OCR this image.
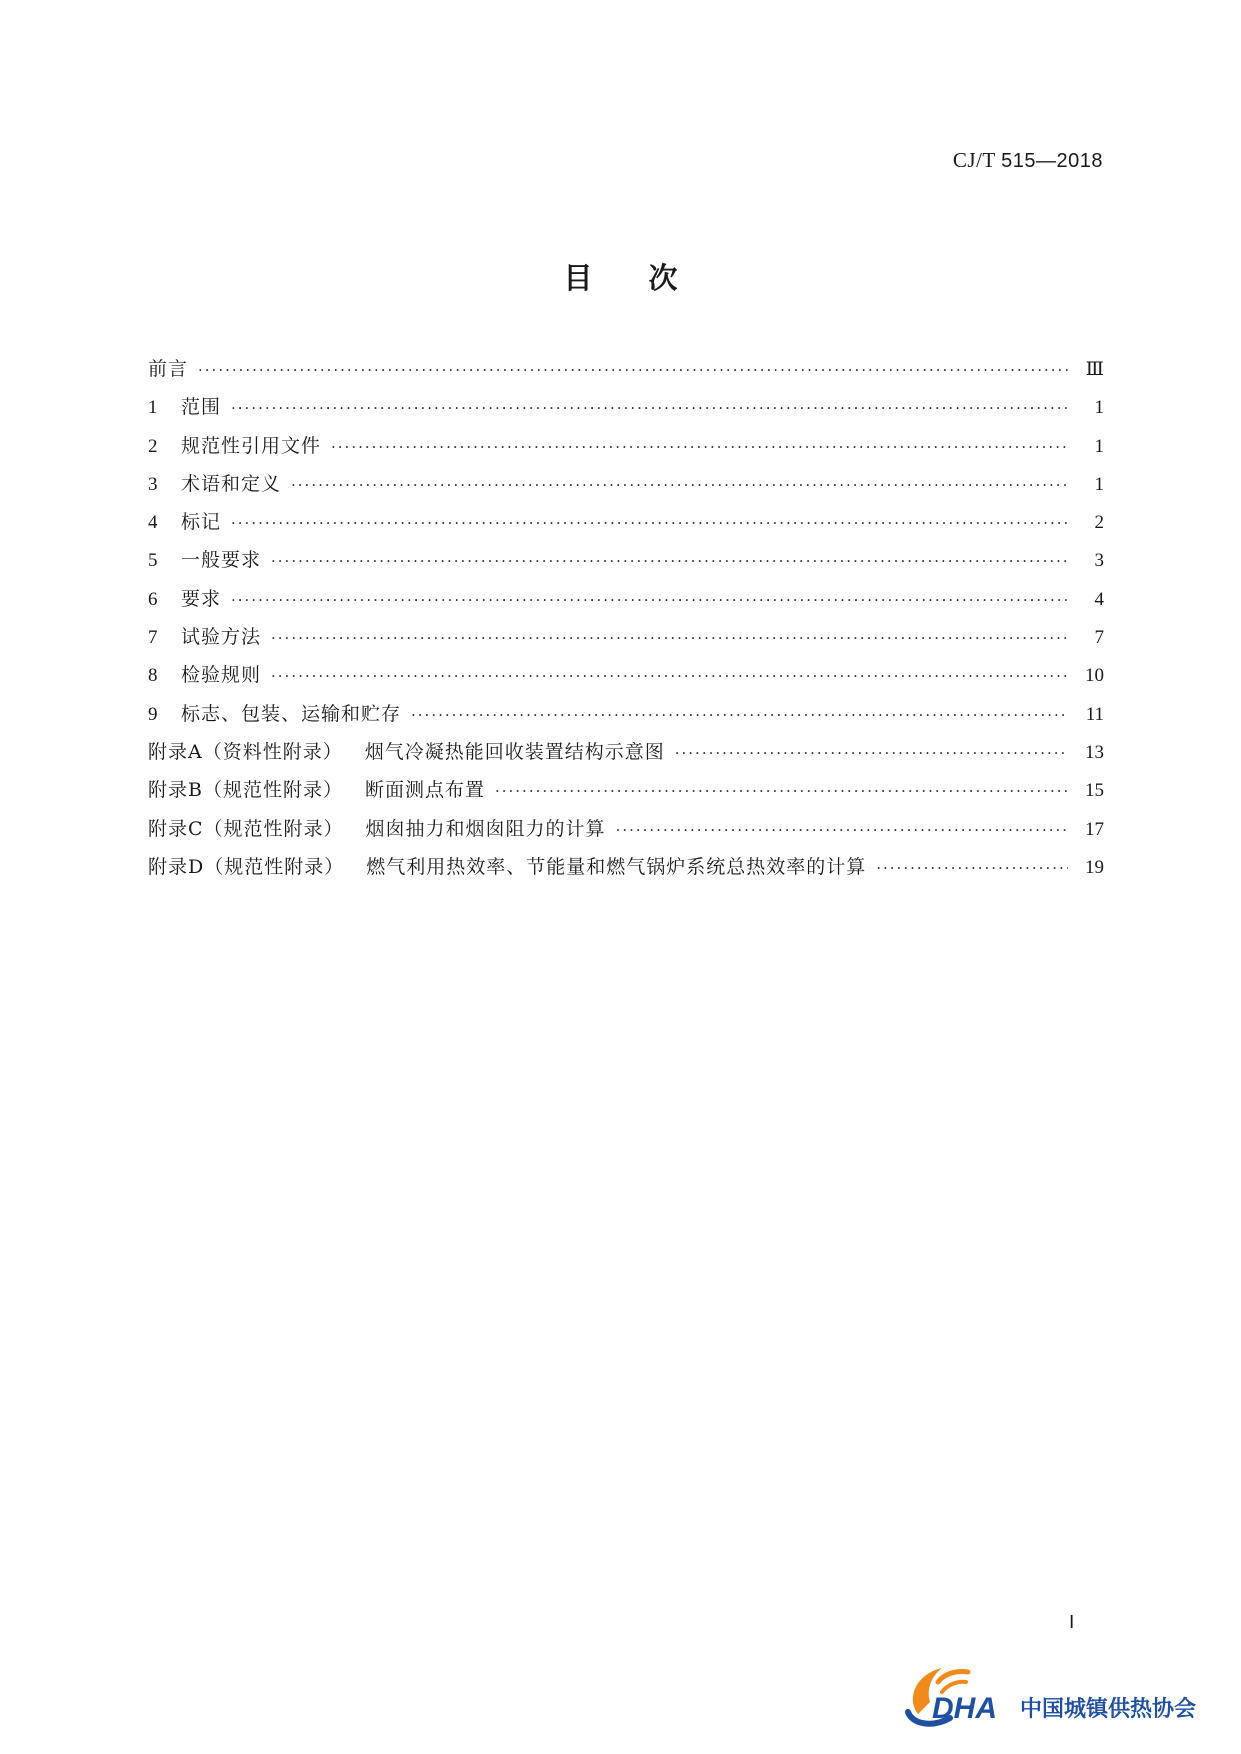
CJ/T 515—2018
目次
前言 ·····	Ⅲ
1	范围 ·····	1
2	规范性引用文件 ·····	1
3	术语和定义 ·····	1
4	标记 ·····	2
5	一般要求 ·····	3
6	要求 ·····	4
7	试验方法 ·····	7
8	检验规则 ·····	10
9	标志、包装、运输和贮存 ·····	11
附录A（资料性附录） 烟气冷凝热能回收装置结构示意图 ·····	13
附录B（规范性附录） 断面测点布置 ·····	15
附录C（规范性附录） 烟囱抽力和烟囱阻力的计算 ·····	17
附录D（规范性附录） 燃气利用热效率、节能量和燃气锅炉系统总热效率的计算 ·····	19
Ⅰ
DHA 中国城镇供热协会
